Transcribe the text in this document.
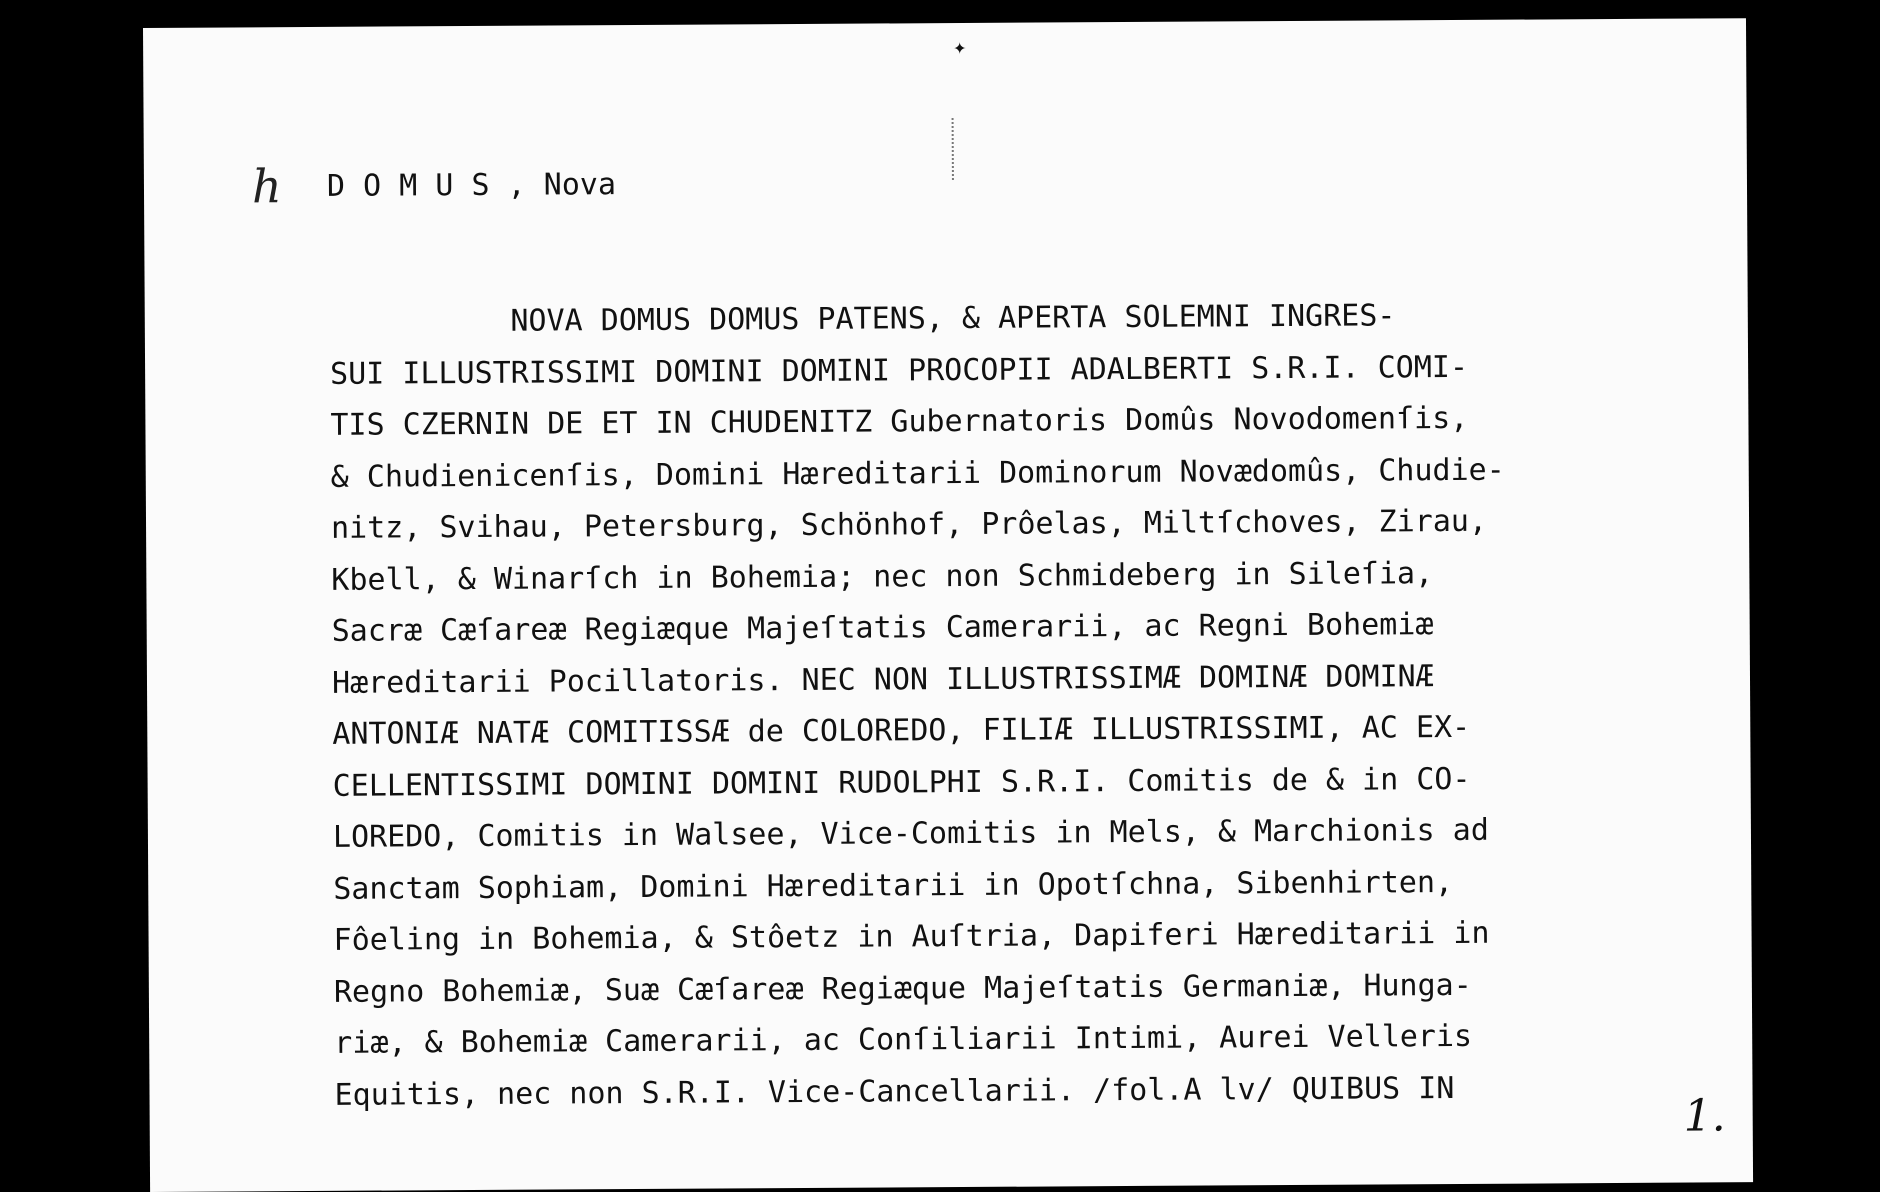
✦
h D O M U S , Nova
NOVA DOMUS DOMUS PATENS, & APERTA SOLEMNI INGRES-
SUI ILLUSTRISSIMI DOMINI DOMINI PROCOPII ADALBERTI S.R.I. COMI-
TIS CZERNIN DE ET IN CHUDENITZ Gubernatoris Domûs Novodomenſis,
& Chudienicenſis, Domini Hæreditarii Dominorum Novædomûs, Chudie-
nitz, Svihau, Petersburg, Schönhof, Prôelas, Miltſchoves, Zirau,
Kbell, & Winarſch in Bohemia; nec non Schmideberg in Sileſia,
Sacræ Cæſareæ Regiæque Majeſtatis Camerarii, ac Regni Bohemiæ
Hæreditarii Pocillatoris. NEC NON ILLUSTRISSIMÆ DOMINÆ DOMINÆ
ANTONIÆ NATÆ COMITISSÆ de COLOREDO, FILIÆ ILLUSTRISSIMI, AC EX-
CELLENTISSIMI DOMINI DOMINI RUDOLPHI S.R.I. Comitis de & in CO-
LOREDO, Comitis in Walsee, Vice-Comitis in Mels, & Marchionis ad
Sanctam Sophiam, Domini Hæreditarii in Opotſchna, Sibenhirten,
Fôeling in Bohemia, & Stôetz in Auſtria, Dapiferi Hæreditarii in
Regno Bohemiæ, Suæ Cæſareæ Regiæque Majeſtatis Germaniæ, Hunga-
riæ, & Bohemiæ Camerarii, ac Conſiliarii Intimi, Aurei Velleris
Equitis, nec non S.R.I. Vice-Cancellarii. /fol.A lv/ QUIBUS IN	1.
